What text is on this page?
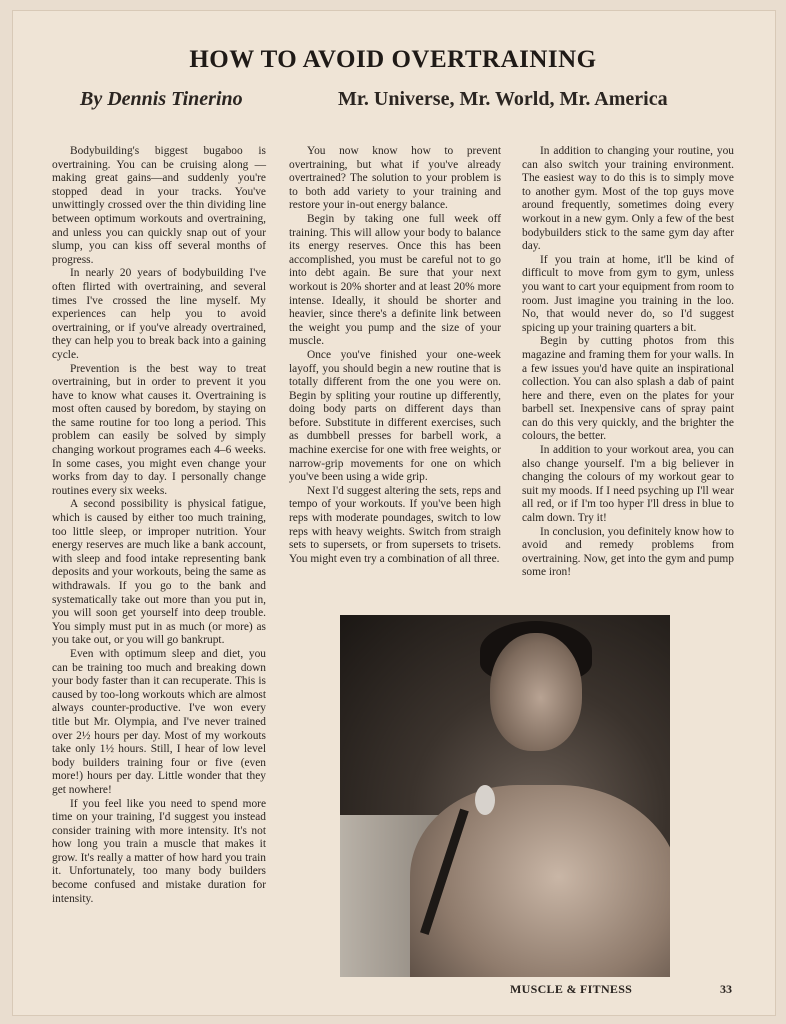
HOW TO AVOID OVERTRAINING
By Dennis Tinerino	Mr. Universe, Mr. World, Mr. America

Bodybuilding's biggest bugaboo is overtraining. You can be cruising along —making great gains—and suddenly you're stopped dead in your tracks. You've unwittingly crossed over the thin dividing line between optimum workouts and overtraining, and unless you can quickly snap out of your slump, you can kiss off several months of progress.

In nearly 20 years of bodybuilding I've often flirted with overtraining, and several times I've crossed the line myself. My experiences can help you to avoid overtraining, or if you've already overtrained, they can help you to break back into a gaining cycle.

Prevention is the best way to treat overtraining, but in order to prevent it you have to know what causes it. Overtraining is most often caused by boredom, by staying on the same routine for too long a period. This problem can easily be solved by simply changing workout programes each 4–6 weeks. In some cases, you might even change your works from day to day. I personally change routines every six weeks.

A second possibility is physical fatigue, which is caused by either too much training, too little sleep, or improper nutrition. Your energy reserves are much like a bank account, with sleep and food intake representing bank deposits and your workouts, being the same as withdrawals. If you go to the bank and systematically take out more than you put in, you will soon get yourself into deep trouble. You simply must put in as much (or more) as you take out, or you will go bankrupt.

Even with optimum sleep and diet, you can be training too much and breaking down your body faster than it can recuperate. This is caused by too-long workouts which are almost always counter-productive. I've won every title but Mr. Olympia, and I've never trained over 2½ hours per day. Most of my workouts take only 1½ hours. Still, I hear of low level body builders training four or five (even more!) hours per day. Little wonder that they get nowhere!

If you feel like you need to spend more time on your training, I'd suggest you instead consider training with more intensity. It's not how long you train a muscle that makes it grow. It's really a matter of how hard you train it. Unfortunately, too many body builders become confused and mistake duration for intensity.

You now know how to prevent overtraining, but what if you've already overtrained? The solution to your problem is to both add variety to your training and restore your in-out energy balance.

Begin by taking one full week off training. This will allow your body to balance its energy reserves. Once this has been accomplished, you must be careful not to go into debt again. Be sure that your next workout is 20% shorter and at least 20% more intense. Ideally, it should be shorter and heavier, since there's a definite link between the weight you pump and the size of your muscle.

Once you've finished your one-week layoff, you should begin a new routine that is totally different from the one you were on. Begin by spliting your routine up differently, doing body parts on different days than before. Substitute in different exercises, such as dumbbell presses for barbell work, a machine exercise for one with free weights, or narrow-grip movements for one on which you've been using a wide grip.

Next I'd suggest altering the sets, reps and tempo of your workouts. If you've been high reps with moderate poundages, switch to low reps with heavy weights. Switch from straigh sets to supersets, or from supersets to trisets. You might even try a combination of all three.

In addition to changing your routine, you can also switch your training environment. The easiest way to do this is to simply move to another gym. Most of the top guys move around frequently, sometimes doing every workout in a new gym. Only a few of the best bodybuilders stick to the same gym day after day.

If you train at home, it'll be kind of difficult to move from gym to gym, unless you want to cart your equipment from room to room. Just imagine you training in the loo. No, that would never do, so I'd suggest spicing up your training quarters a bit.

Begin by cutting photos from this magazine and framing them for your walls. In a few issues you'd have quite an inspirational collection. You can also splash a dab of paint here and there, even on the plates for your barbell set. Inexpensive cans of spray paint can do this very quickly, and the brighter the colours, the better.

In addition to your workout area, you can also change yourself. I'm a big believer in changing the colours of my workout gear to suit my moods. If I need psyching up I'll wear all red, or if I'm too hyper I'll dress in blue to calm down. Try it!

In conclusion, you definitely know how to avoid and remedy problems from overtraining. Now, get into the gym and pump some iron!

MUSCLE & FITNESS	33
